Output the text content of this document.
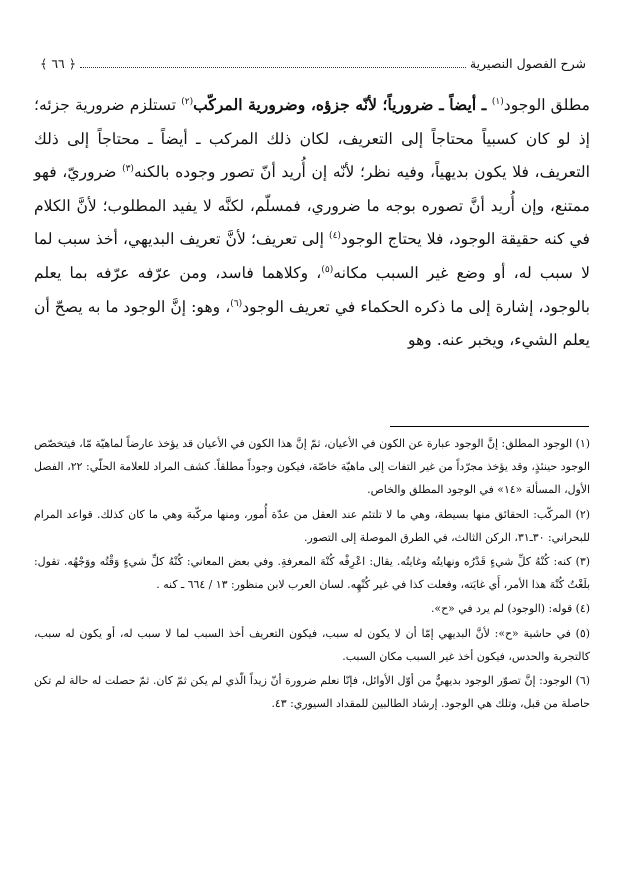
شرح الفصول النصيرية
﴿ ٦٦ ﴾

مطلق الوجود$^{(١)}$ ـ أيضاً ـ ضرورياً؛ لأنّه جزؤه، وضرورية المركّب$^{(٢)}$ تستلزم ضرورية جزئه؛ إذ لو كان كسبياً محتاجاً إلى التعريف، لكان ذلك المركب ـ أيضاً ـ محتاجاً إلى ذلك التعريف، فلا يكون بديهياً، وفيه نظر؛ لأنّه إن أُريد أنّ تصور وجوده بالكنه$^{(٣)}$ ضروريّ، فهو ممتنع، وإن أُريد أنَّ تصوره بوجه ما ضروري، فمسلّم، لكنَّه لا يفيد المطلوب؛ لأنَّ الكلام في كنه حقيقة الوجود، فلا يحتاج الوجود$^{(٤)}$ إلى تعريف؛ لأنَّ تعريف البديهي، أخذ سبب لما لا سبب له، أو وضع غير السبب مكانه$^{(٥)}$، وكلاهما فاسد، ومن عرّفه عرّفه بما يعلم بالوجود، إشارة إلى ما ذكره الحكماء في تعريف الوجود$^{(٦)}$، وهو: إنَّ الوجود ما به يصحّ أن يعلم الشيء، ويخبر عنه. وهو

(١) الوجود المطلق: إنَّ الوجود عبارة عن الكون في الأعيان، ثمّ إنَّ هذا الكون في الأعيان قد يؤخذ عارضاً لماهيّة مّا، فيتخصّص الوجود حينئذٍ، وقد يؤخذ مجرّداً من غير التفات إلى ماهيّة خاصّة، فيكون وجوداً مطلقاً. كشف المراد للعلامة الحلّي: ٢٢، الفصل الأول، المسألة «١٤» في الوجود المطلق والخاص.

(٢) المركّب: الحقائق منها بسيطة، وهي ما لا تلتئم عند العقل من عدّة أُمور، ومنها مركّبة وهي ما كان كذلك. قواعد المرام للبحراني: ٣٠ـ٣١، الركن الثالث، في الطرق الموصلة إلى التصور.

(٣) كنه: كُنْهُ كلِّ شيءٍ قَدْرُه ونهايتُه وغايتُه. يقال: اعْرِفْه كُنْهَ المعرفةِ. وفي بعض المعاني: كُنْهُ كلِّ شيءٍ وَقْتُه ووَجْهُه. تقول: بلَغْتُ كُنْهَ هذا الأمر، أَي غايَته، وفعلت كذا في غير كُنْهِه. لسان العرب لابن منظور: ١٣ / ٦٦٤ ـ كنه .

(٤) قوله: (الوجود) لم يرد في «ح».

(٥) في حاشية «ح»: لأنَّ البديهي إمّا أن لا يكون له سبب، فيكون التعريف أخذ السبب لما لا سبب له، أو يكون له سبب، كالتجربة والحدس، فيكون أخذ غير السبب مكان السبب.

(٦) الوجود: إنَّ تصوّر الوجود بديهيٌّ من أوّل الأوائل، فإنّا نعلم ضرورة أنّ زيداً الّذي لم يكن ثمّ كان. ثمّ حصلت له حالة لم تكن حاصلة من قبل، وتلك هي الوجود. إرشاد الطالبين للمقداد السيوري: ٤٣.
